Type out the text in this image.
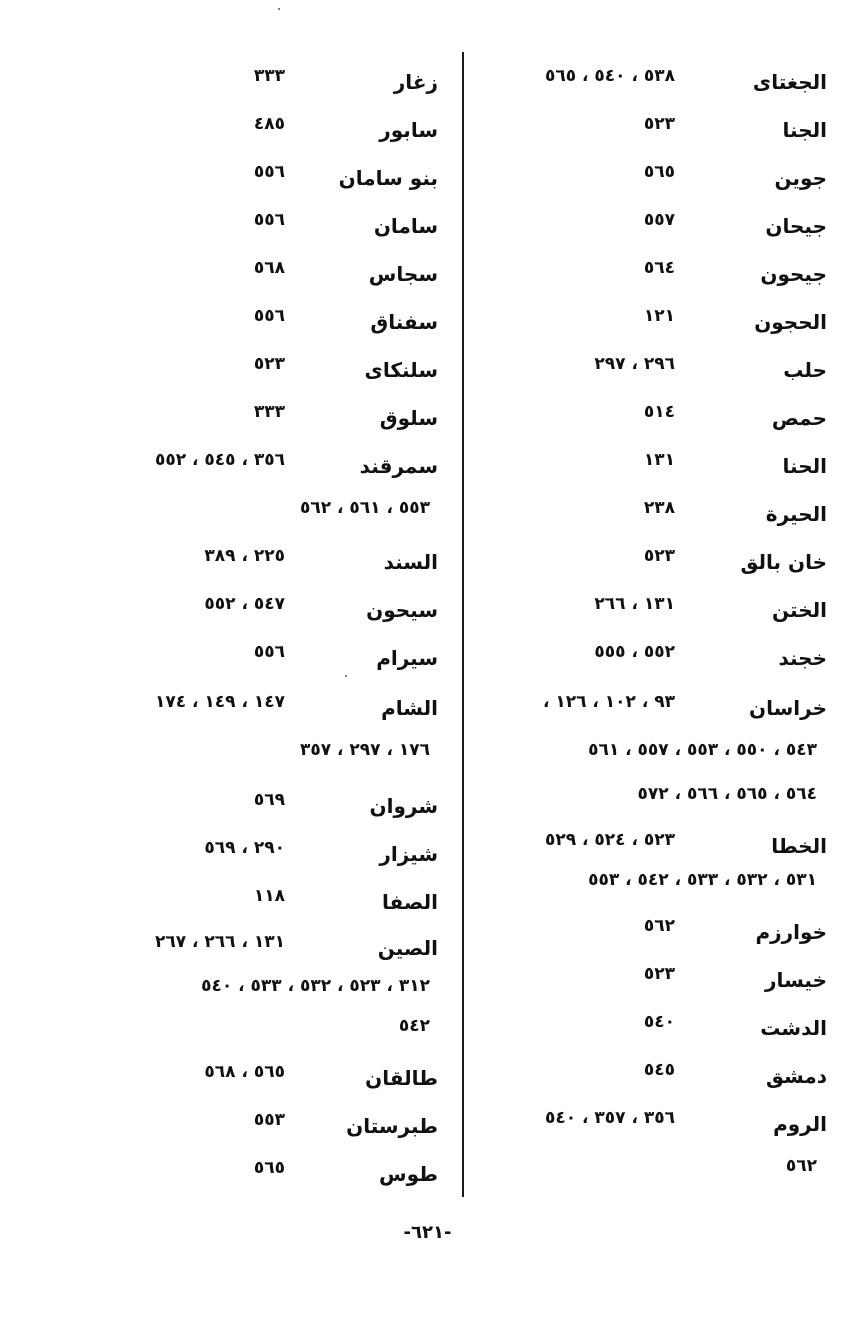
الجغتاى
٥٣٨ ، ٥٤٠ ، ٥٦٥
الجنا
٥٢٣
جوين
٥٦٥
جيحان
٥٥٧
جيحون
٥٦٤
الحجون
١٢١
حلب
٢٩٦ ، ٢٩٧
حمص
٥١٤
الحنا
١٣١
الحيرة
٢٣٨
خان بالق
٥٢٣
الختن
١٣١ ، ٢٦٦
خجند
٥٥٢ ، ٥٥٥
خراسان
٩٣ ، ١٠٢ ، ١٢٦ ،
٥٤٣ ، ٥٥٠ ، ٥٥٣ ، ٥٥٧ ، ٥٦١
٥٦٤ ، ٥٦٥ ، ٥٦٦ ، ٥٧٢
الخطا
٥٢٣ ، ٥٢٤ ، ٥٢٩
٥٣١ ، ٥٣٢ ، ٥٣٣ ، ٥٤٢ ، ٥٥٣
خوارزم
٥٦٢
خيسار
٥٢٣
الدشت
٥٤٠
دمشق
٥٤٥
الروم
٣٥٦ ، ٣٥٧ ، ٥٤٠
٥٦٢
زغار
٣٣٣
سابور
٤٨٥
بنو سامان
٥٥٦
سامان
٥٥٦
سجاس
٥٦٨
سفناق
٥٥٦
سلنكاى
٥٢٣
سلوق
٣٣٣
سمرقند
٣٥٦ ، ٥٤٥ ، ٥٥٢
٥٥٣ ، ٥٦١ ، ٥٦٢
السند
٢٢٥ ، ٣٨٩
سيحون
٥٤٧ ، ٥٥٢
سيرام
٥٥٦
الشام
١٤٧ ، ١٤٩ ، ١٧٤
١٧٦ ، ٢٩٧ ، ٣٥٧
شروان
٥٦٩
شيزار
٢٩٠ ، ٥٦٩
الصفا
١١٨
الصين
١٣١ ، ٢٦٦ ، ٢٦٧
٣١٢ ، ٥٢٣ ، ٥٣٢ ، ٥٣٣ ، ٥٤٠
٥٤٢
طالقان
٥٦٥ ، ٥٦٨
طبرستان
٥٥٣
طوس
٥٦٥
-٦٢١-
